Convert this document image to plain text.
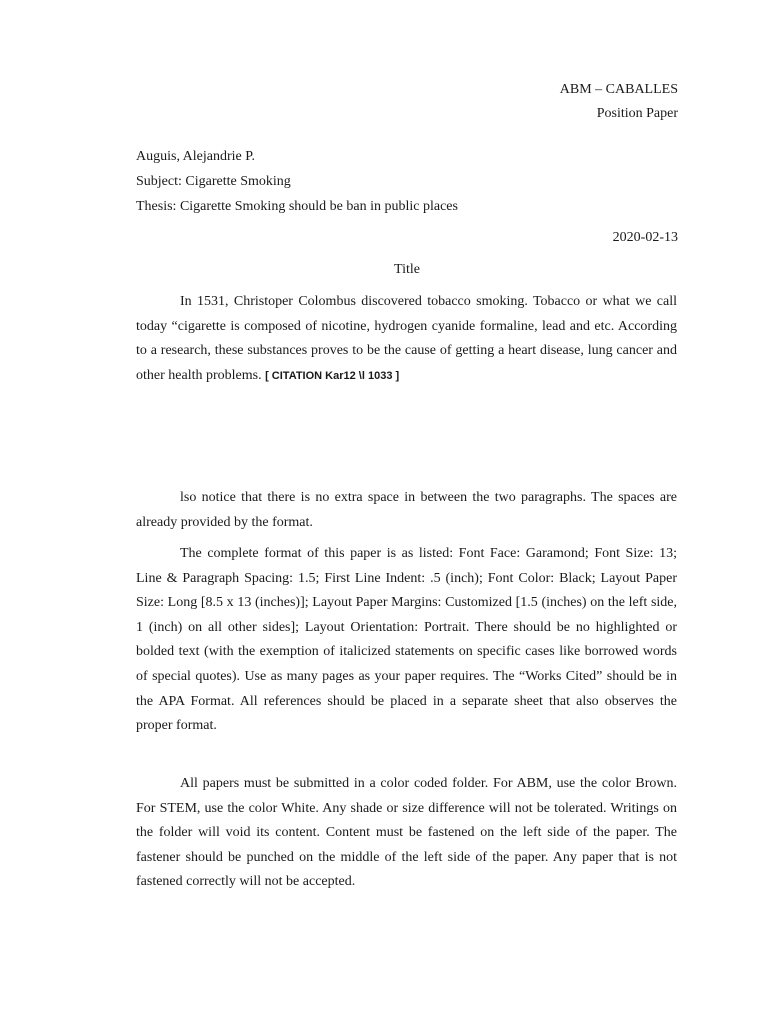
ABM – CABALLES
Position Paper
Auguis, Alejandrie P.
Subject: Cigarette Smoking
Thesis: Cigarette Smoking should be ban in public places
2020-02-13
Title

In 1531, Christoper Colombus discovered tobacco smoking. Tobacco or what we call today “cigarette is composed of nicotine, hydrogen cyanide formaline, lead and etc. According to a research, these substances proves to be the cause of getting a heart disease, lung cancer and other health problems. [ CITATION Kar12 \l 1033 ]

lso notice that there is no extra space in between the two paragraphs. The spaces are already provided by the format.

The complete format of this paper is as listed: Font Face: Garamond; Font Size: 13; Line & Paragraph Spacing: 1.5; First Line Indent: .5 (inch); Font Color: Black; Layout Paper Size: Long [8.5 x 13 (inches)]; Layout Paper Margins: Customized [1.5 (inches) on the left side, 1 (inch) on all other sides]; Layout Orientation: Portrait. There should be no highlighted or bolded text (with the exemption of italicized statements on specific cases like borrowed words of special quotes). Use as many pages as your paper requires. The “Works Cited” should be in the APA Format. All references should be placed in a separate sheet that also observes the proper format.

All papers must be submitted in a color coded folder. For ABM, use the color Brown. For STEM, use the color White. Any shade or size difference will not be tolerated. Writings on the folder will void its content. Content must be fastened on the left side of the paper. The fastener should be punched on the middle of the left side of the paper. Any paper that is not fastened correctly will not be accepted.
